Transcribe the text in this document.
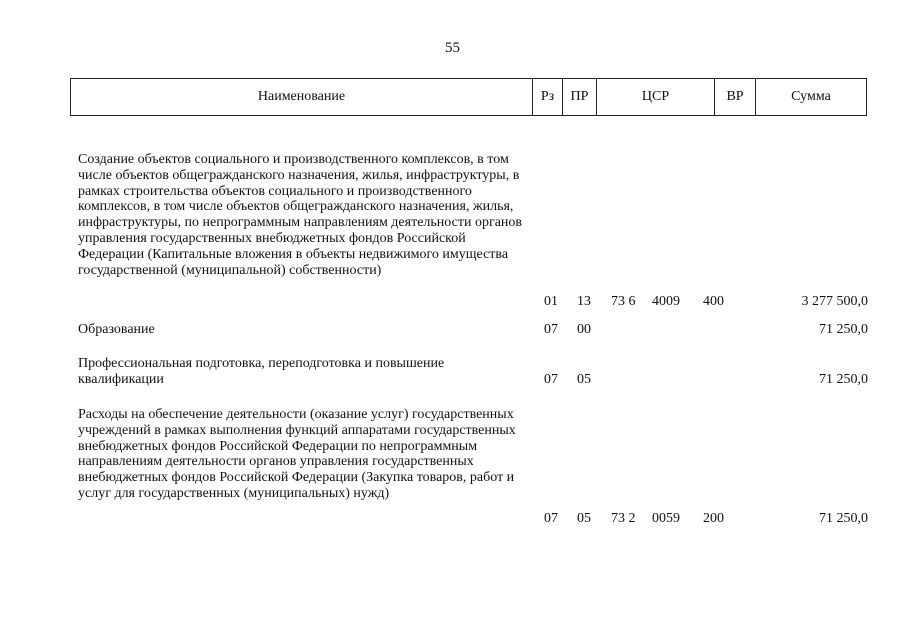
55
Наименование	Рз	ПР	ЦСР	ВР	Сумма
Создание объектов социального и производственного комплексов, в том числе объектов общегражданского назначения, жилья, инфраструктуры, в рамках строительства объектов социального и производственного комплексов, в том числе объектов общегражданского назначения, жилья, инфраструктуры, по непрограммным направлениям деятельности органов управления государственных внебюджетных фондов Российской Федерации (Капитальные вложения в объекты недвижимого имущества государственной (муниципальной) собственности)
01 13 73 6 4009 400	3 277 500,0
Образование	07 00	71 250,0
Профессиональная подготовка, переподготовка и повышение квалификации	07 05	71 250,0
Расходы на обеспечение деятельности (оказание услуг) государственных учреждений в рамках выполнения функций аппаратами государственных внебюджетных фондов Российской Федерации по непрограммным направлениям деятельности органов управления государственных внебюджетных фондов Российской Федерации (Закупка товаров, работ и услуг для государственных (муниципальных) нужд)
07 05 73 2 0059 200	71 250,0
